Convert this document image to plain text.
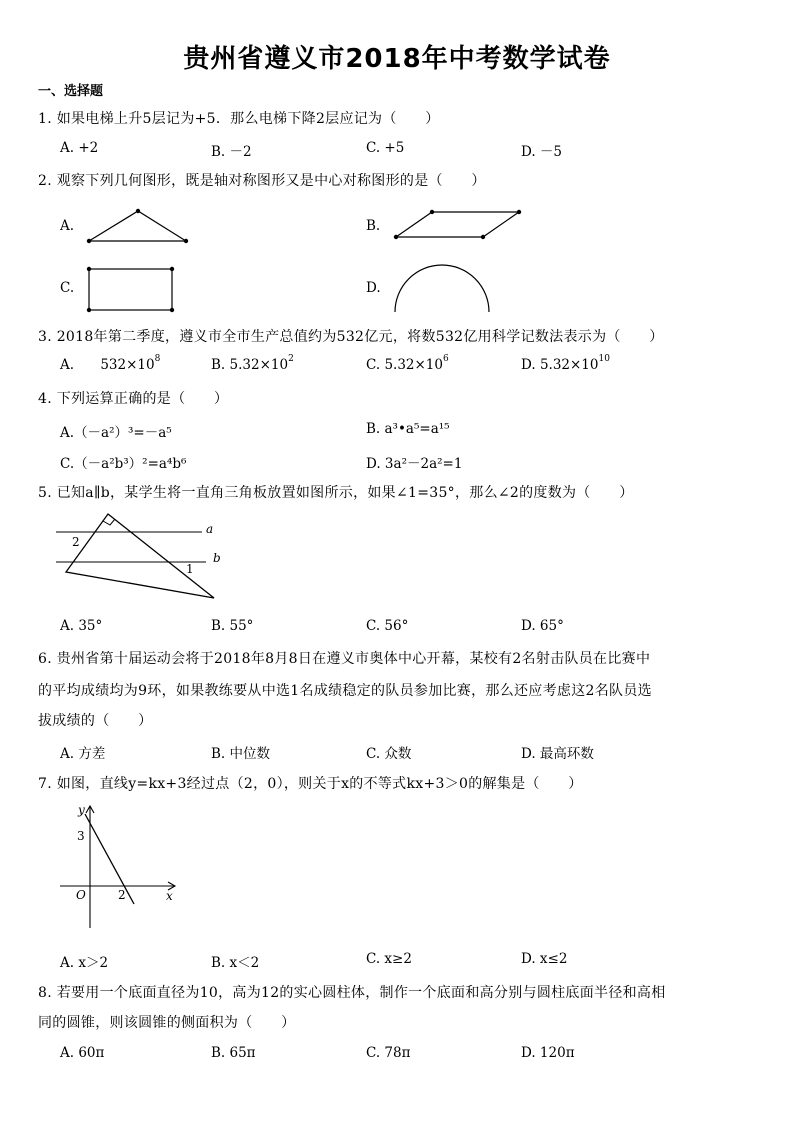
贵州省遵义市2018年中考数学试卷
一、选择题
1. 如果电梯上升5层记为+5．那么电梯下降2层应记为（　　）
A. +2	B. －2	C. +5	D. －5
2. 观察下列几何图形，既是轴对称图形又是中心对称图形的是（　　）
A.	B.
C.	D.
3. 2018年第二季度，遵义市全市生产总值约为532亿元，将数532亿用科学记数法表示为（　　）
A. $532\times 10^8$	B. $5.32\times 10^2$	C. $5.32\times 10^6$	D. $5.32\times 10^{10}$
4. 下列运算正确的是（　　）
A.（－a²）³=－a⁵	B. a³•a⁵=a¹⁵
C.（－a²b³）²=a⁴b⁶	D. 3a²－2a²=1
5. 已知a∥b，某学生将一直角三角板放置如图所示，如果∠1=35°，那么∠2的度数为（　　）
a
b
2
1
A. 35°	B. 55°	C. 56°	D. 65°
6. 贵州省第十届运动会将于2018年8月8日在遵义市奥体中心开幕，某校有2名射击队员在比赛中
的平均成绩均为9环，如果教练要从中选1名成绩稳定的队员参加比赛，那么还应考虑这2名队员选
拔成绩的（　　）
A. 方差	B. 中位数	C. 众数	D. 最高环数
7. 如图，直线y=kx+3经过点（2，0），则关于x的不等式kx+3＞0的解集是（　　）
y
x
O
3
2
A. x＞2	B. x＜2	C. x≥2	D. x≤2
8. 若要用一个底面直径为10，高为12的实心圆柱体，制作一个底面和高分别与圆柱底面半径和高相
同的圆锥，则该圆锥的侧面积为（　　）
A. 60π	B. 65π	C. 78π	D. 120π
